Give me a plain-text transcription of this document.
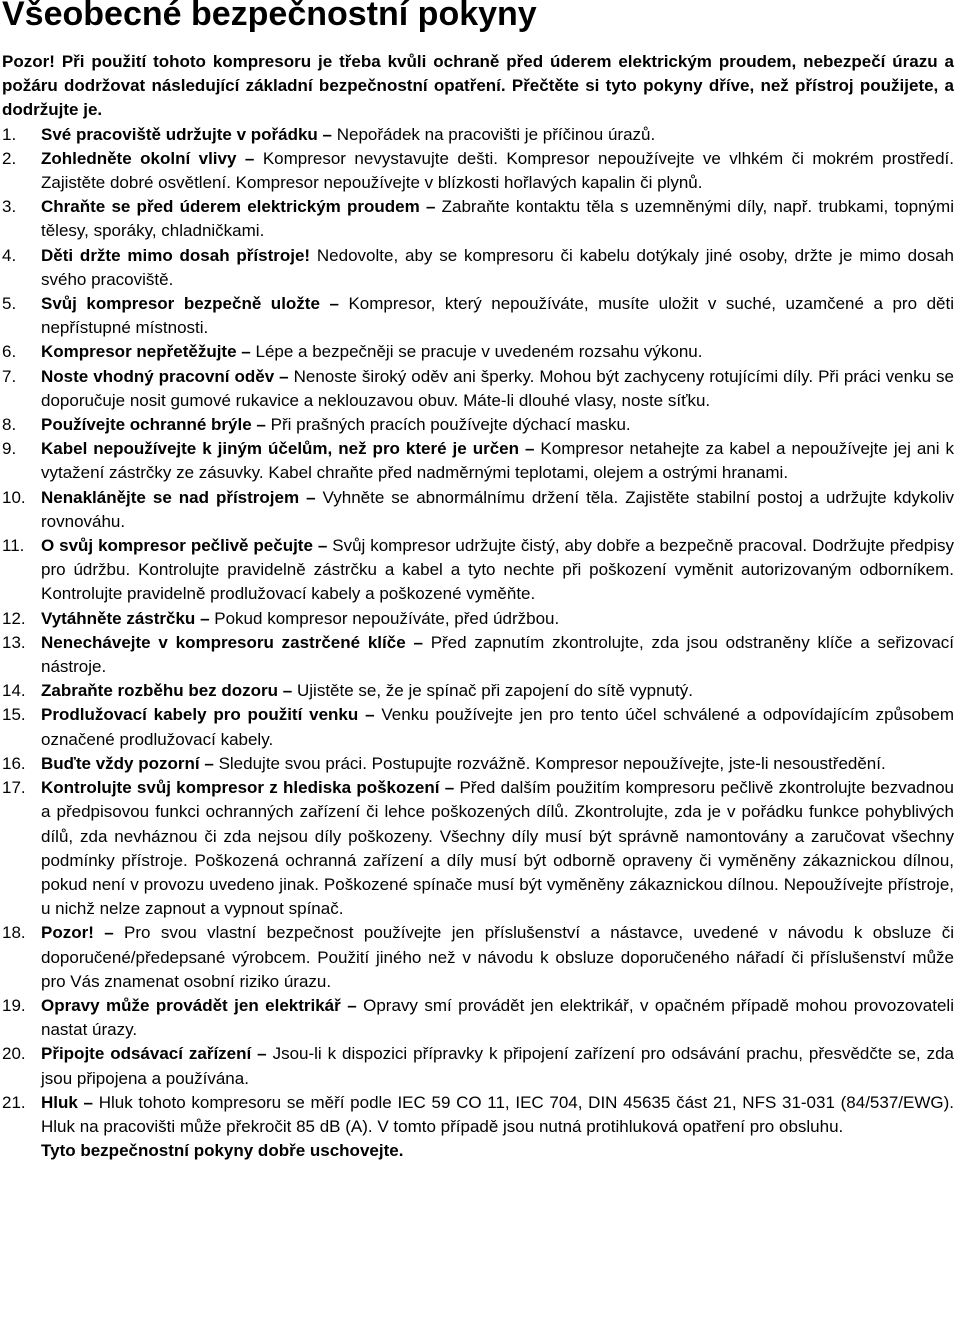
Všeobecné bezpečnostní pokyny

Pozor! Při použití tohoto kompresoru je třeba kvůli ochraně před úderem elektrickým proudem, nebezpečí úrazu a požáru dodržovat následující základní bezpečnostní opatření. Přečtěte si tyto pokyny dříve, než přístroj použijete, a dodržujte je.

1. Své pracoviště udržujte v pořádku – Nepořádek na pracovišti je příčinou úrazů.
2. Zohledněte okolní vlivy – Kompresor nevystavujte dešti. Kompresor nepoužívejte ve vlhkém či mokrém prostředí. Zajistěte dobré osvětlení. Kompresor nepoužívejte v blízkosti hořlavých kapalin či plynů.
3. Chraňte se před úderem elektrickým proudem – Zabraňte kontaktu těla s uzemněnými díly, např. trubkami, topnými tělesy, sporáky, chladničkami.
4. Děti držte mimo dosah přístroje! Nedovolte, aby se kompresoru či kabelu dotýkaly jiné osoby, držte je mimo dosah svého pracoviště.
5. Svůj kompresor bezpečně uložte – Kompresor, který nepoužíváte, musíte uložit v suché, uzamčené a pro děti nepřístupné místnosti.
6. Kompresor nepřetěžujte – Lépe a bezpečněji se pracuje v uvedeném rozsahu výkonu.
7. Noste vhodný pracovní oděv – Nenoste široký oděv ani šperky. Mohou být zachyceny rotujícími díly. Při práci venku se doporučuje nosit gumové rukavice a neklouzavou obuv. Máte-li dlouhé vlasy, noste síťku.
8. Používejte ochranné brýle – Při prašných pracích používejte dýchací masku.
9. Kabel nepoužívejte k jiným účelům, než pro které je určen – Kompresor netahejte za kabel a nepoužívejte jej ani k vytažení zástrčky ze zásuvky. Kabel chraňte před nadměrnými teplotami, olejem a ostrými hranami.
10. Nenaklánějte se nad přístrojem – Vyhněte se abnormálnímu držení těla. Zajistěte stabilní postoj a udržujte kdykoliv rovnováhu.
11. O svůj kompresor pečlivě pečujte – Svůj kompresor udržujte čistý, aby dobře a bezpečně pracoval. Dodržujte předpisy pro údržbu. Kontrolujte pravidelně zástrčku a kabel a tyto nechte při poškození vyměnit autorizovaným odborníkem. Kontrolujte pravidelně prodlužovací kabely a poškozené vyměňte.
12. Vytáhněte zástrčku – Pokud kompresor nepoužíváte, před údržbou.
13. Nenechávejte v kompresoru zastrčené klíče – Před zapnutím zkontrolujte, zda jsou odstraněny klíče a seřizovací nástroje.
14. Zabraňte rozběhu bez dozoru – Ujistěte se, že je spínač při zapojení do sítě vypnutý.
15. Prodlužovací kabely pro použití venku – Venku používejte jen pro tento účel schválené a odpovídajícím způsobem označené prodlužovací kabely.
16. Buďte vždy pozorní – Sledujte svou práci. Postupujte rozvážně. Kompresor nepoužívejte, jste-li nesoustředění.
17. Kontrolujte svůj kompresor z hlediska poškození – Před dalším použitím kompresoru pečlivě zkontrolujte bezvadnou a předpisovou funkci ochranných zařízení či lehce poškozených dílů. Zkontrolujte, zda je v pořádku funkce pohyblivých dílů, zda nevháznou či zda nejsou díly poškozeny. Všechny díly musí být správně namontovány a zaručovat všechny podmínky přístroje. Poškozená ochranná zařízení a díly musí být odborně opraveny či vyměněny zákaznickou dílnou, pokud není v provozu uvedeno jinak. Poškozené spínače musí být vyměněny zákaznickou dílnou. Nepoužívejte přístroje, u nichž nelze zapnout a vypnout spínač.
18. Pozor! – Pro svou vlastní bezpečnost používejte jen příslušenství a nástavce, uvedené v návodu k obsluze či doporučené/předepsané výrobcem. Použití jiného než v návodu k obsluze doporučeného nářadí či příslušenství může pro Vás znamenat osobní riziko úrazu.
19. Opravy může provádět jen elektrikář – Opravy smí provádět jen elektrikář, v opačném případě mohou provozovateli nastat úrazy.
20. Připojte odsávací zařízení – Jsou-li k dispozici přípravky k připojení zařízení pro odsávání prachu, přesvědčte se, zda jsou připojena a používána.
21. Hluk – Hluk tohoto kompresoru se měří podle IEC 59 CO 11, IEC 704, DIN 45635 část 21, NFS 31-031 (84/537/EWG). Hluk na pracovišti může překročit 85 dB (A). V tomto případě jsou nutná protihluková opatření pro obsluhu.
Tyto bezpečnostní pokyny dobře uschovejte.
